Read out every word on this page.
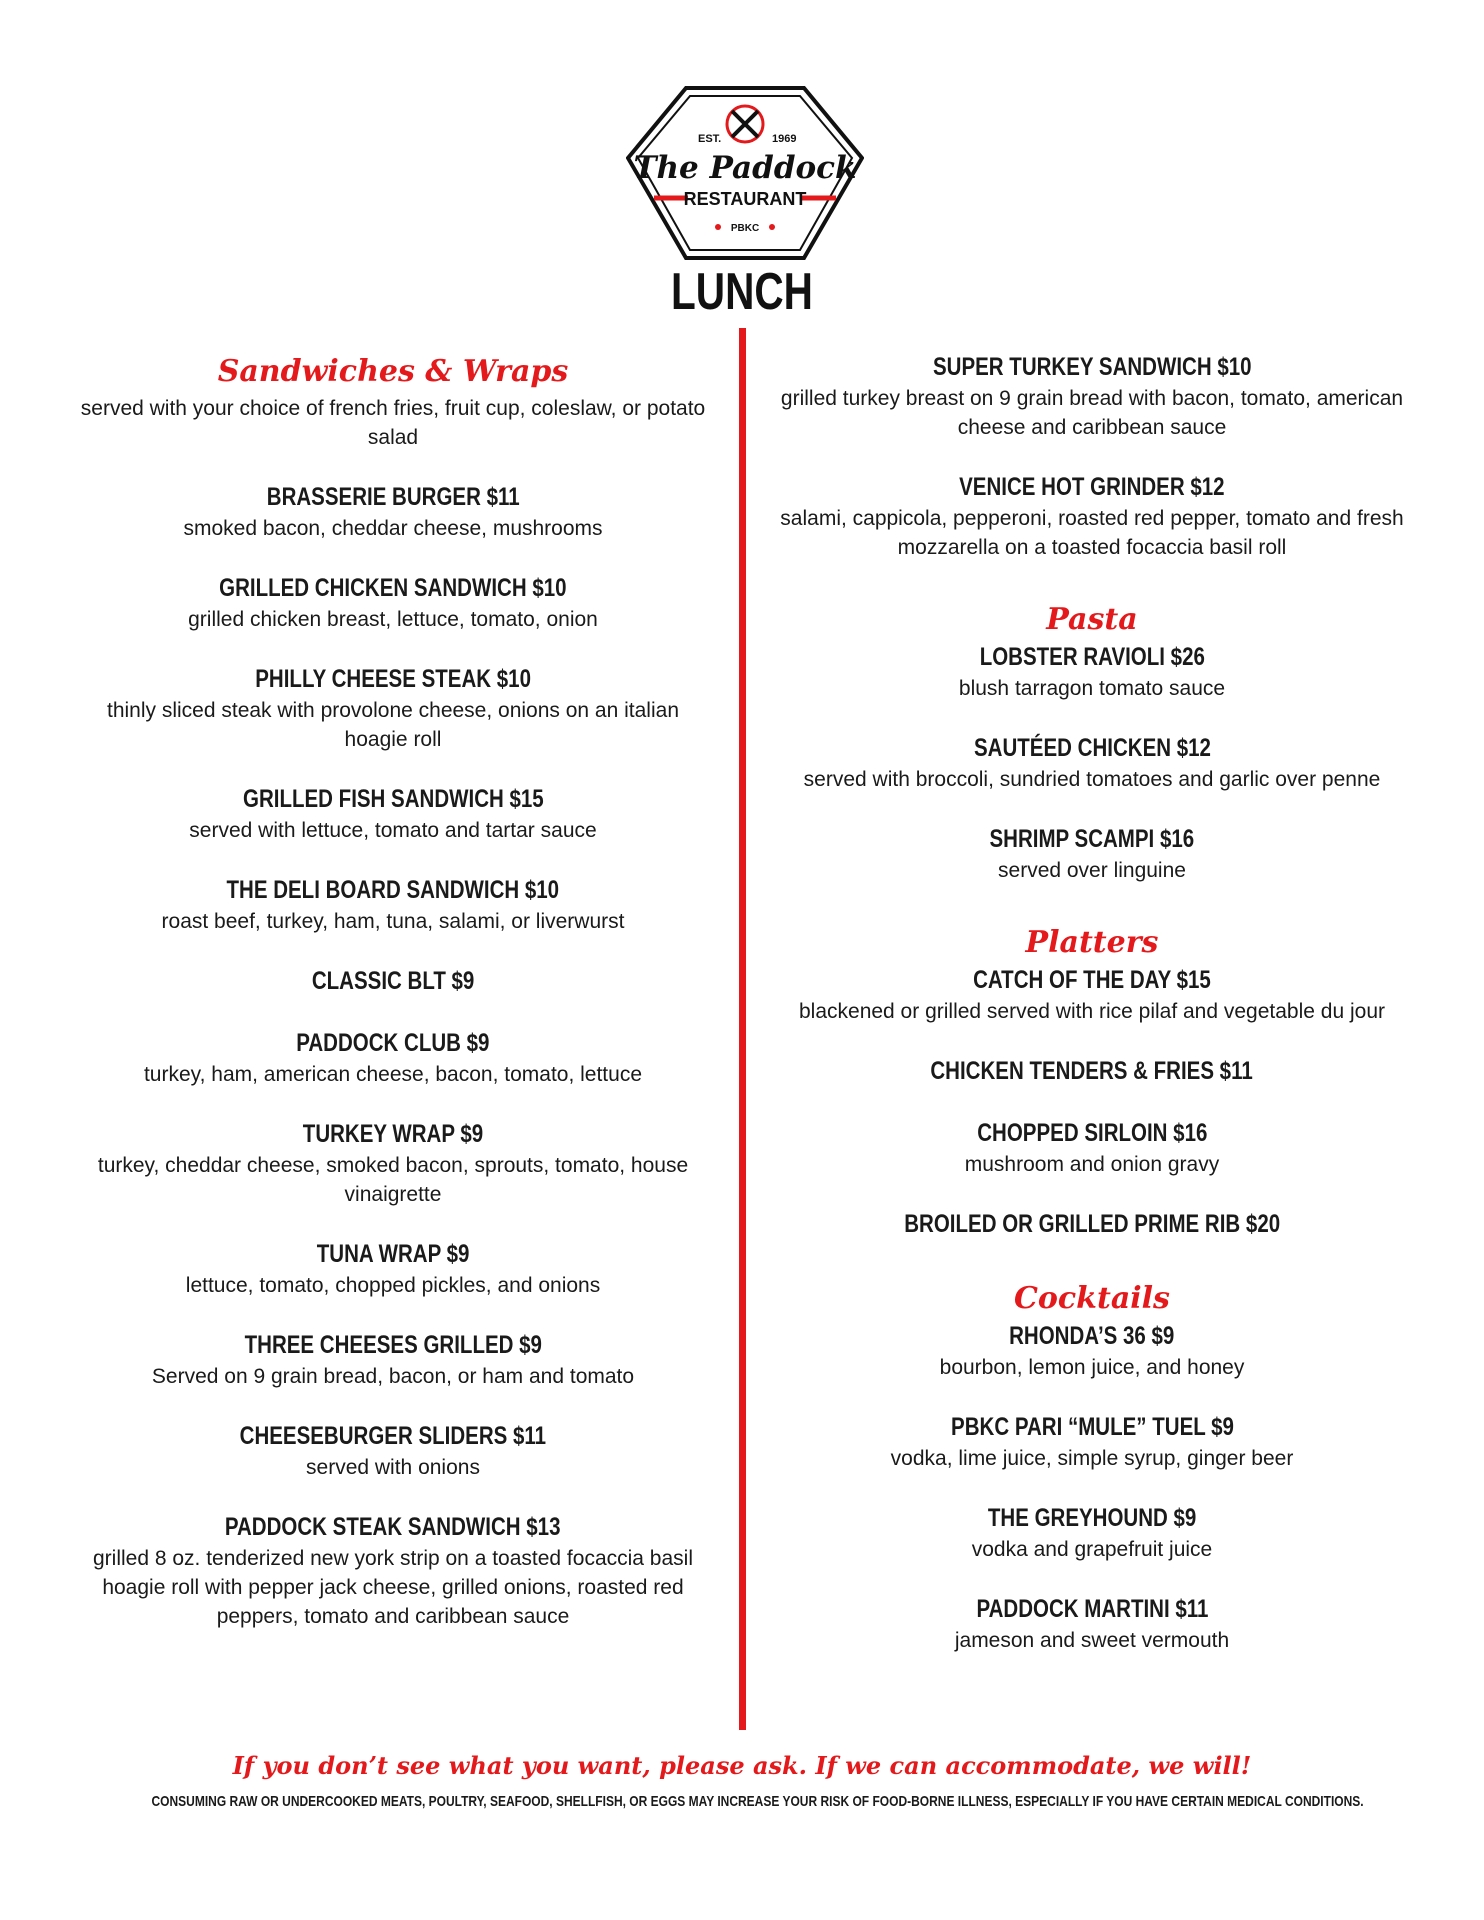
EST.	1969
The Paddock
RESTAURANT
PBKC
LUNCH
Sandwiches & Wraps
served with your choice of french fries, fruit cup, coleslaw, or potato salad
BRASSERIE BURGER $11
smoked bacon, cheddar cheese, mushrooms
GRILLED CHICKEN SANDWICH $10
grilled chicken breast, lettuce, tomato, onion
PHILLY CHEESE STEAK $10
thinly sliced steak with provolone cheese, onions on an italian hoagie roll
GRILLED FISH SANDWICH $15
served with lettuce, tomato and tartar sauce
THE DELI BOARD SANDWICH $10
roast beef, turkey, ham, tuna, salami, or liverwurst
CLASSIC BLT $9
PADDOCK CLUB $9
turkey, ham, american cheese, bacon, tomato, lettuce
TURKEY WRAP $9
turkey, cheddar cheese, smoked bacon, sprouts, tomato, house vinaigrette
TUNA WRAP $9
lettuce, tomato, chopped pickles, and onions
THREE CHEESES GRILLED $9
Served on 9 grain bread, bacon, or ham and tomato
CHEESEBURGER SLIDERS $11
served with onions
PADDOCK STEAK SANDWICH $13
grilled 8 oz. tenderized new york strip on a toasted focaccia basil hoagie roll with pepper jack cheese, grilled onions, roasted red peppers, tomato and caribbean sauce
SUPER TURKEY SANDWICH $10
grilled turkey breast on 9 grain bread with bacon, tomato, american cheese and caribbean sauce
VENICE HOT GRINDER $12
salami, cappicola, pepperoni, roasted red pepper, tomato and fresh mozzarella on a toasted focaccia basil roll
Pasta
LOBSTER RAVIOLI $26
blush tarragon tomato sauce
SAUTÉED CHICKEN $12
served with broccoli, sundried tomatoes and garlic over penne
SHRIMP SCAMPI $16
served over linguine
Platters
CATCH OF THE DAY $15
blackened or grilled served with rice pilaf and vegetable du jour
CHICKEN TENDERS & FRIES $11
CHOPPED SIRLOIN $16
mushroom and onion gravy
BROILED OR GRILLED PRIME RIB $20
Cocktails
RHONDA’S 36 $9
bourbon, lemon juice, and honey
PBKC PARI “MULE” TUEL $9
vodka, lime juice, simple syrup, ginger beer
THE GREYHOUND $9
vodka and grapefruit juice
PADDOCK MARTINI $11
jameson and sweet vermouth
If you don’t see what you want, please ask. If we can accommodate, we will!
CONSUMING RAW OR UNDERCOOKED MEATS, POULTRY, SEAFOOD, SHELLFISH, OR EGGS MAY INCREASE YOUR RISK OF FOOD-BORNE ILLNESS, ESPECIALLY IF YOU HAVE CERTAIN MEDICAL CONDITIONS.
